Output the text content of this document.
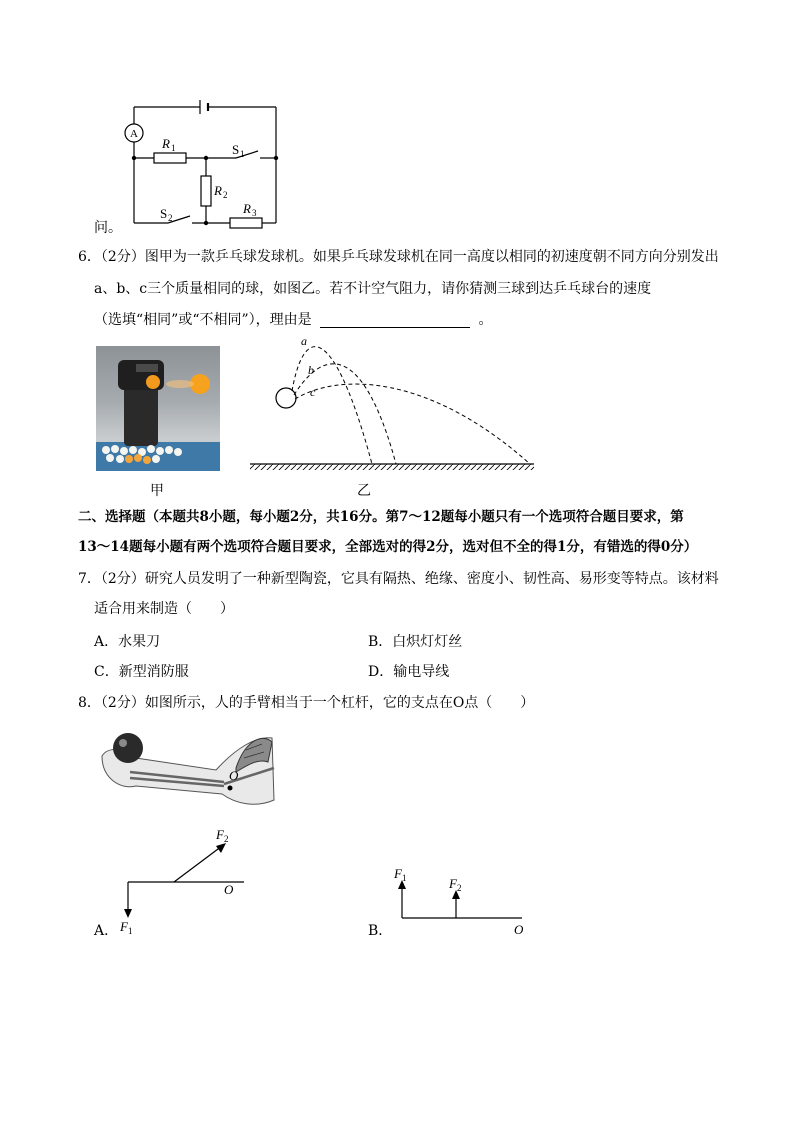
A
R 1
R 2
R 3
S 1
S 2
问。
6．（2分）图甲为一款乒乓球发球机。如果乒乓球发球机在同一高度以相同的初速度朝不同方向分别发出
a、b、c三个质量相同的球，如图乙。若不计空气阻力，请你猜测三球到达乒乓球台的速度
（选填“相同”或“不相同”），理由是	。
甲
a
b
c
乙
二、选择题（本题共8小题，每小题2分，共16分。第7～12题每小题只有一个选项符合题目要求，第
13～14题每小题有两个选项符合题目要求，全部选对的得2分，选对但不全的得1分，有错选的得0分）
7．（2分）研究人员发明了一种新型陶瓷，它具有隔热、绝缘、密度小、韧性高、易形变等特点。该材料
适合用来制造（　　）
A．水果刀	B．白炽灯灯丝
C．新型消防服	D．输电导线
8．（2分）如图所示，人的手臂相当于一个杠杆，它的支点在O点（　　）
O
A．
F 2
O
F 1	B．
F 1	F 2
O
